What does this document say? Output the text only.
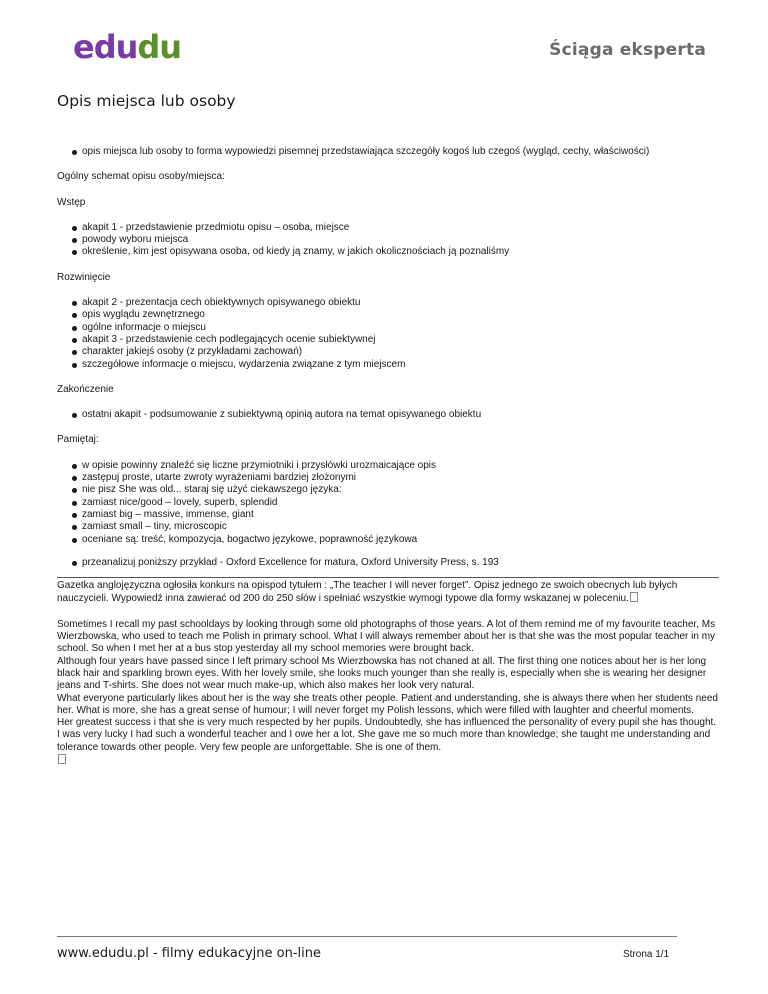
edudu	Ściąga eksperta
Opis miejsca lub osoby
opis miejsca lub osoby to forma wypowiedzi pisemnej przedstawiająca szczegóły kogoś lub czegoś (wygląd, cechy, właściwości)

Ogólny schemat opisu osoby/miejsca:

Wstęp

akapit 1 - przedstawienie przedmiotu opisu – osoba, miejsce
powody wyboru miejsca
określenie, kim jest opisywana osoba, od kiedy ją znamy, w jakich okolicznościach ją poznaliśmy

Rozwinięcie

akapit 2 - prezentacja cech obiektywnych opisywanego obiektu
opis wyglądu zewnętrznego
ogólne informacje o miejscu
akapit 3 - przedstawienie cech podlegających ocenie subiektywnej
charakter jakiejś osoby (z przykładami zachowań)
szczegółowe informacje o miejscu, wydarzenia związane z tym miejscem

Zakończenie

ostatni akapit - podsumowanie z subiektywną opinią autora na temat opisywanego obiektu

Pamiętaj:

w opisie powinny znaleźć się liczne przymiotniki i przysłówki urozmaicające opis
zastępuj proste, utarte zwroty wyrażeniami bardziej złożonymi
nie pisz She was old... staraj się użyć ciekawszego języka:
zamiast nice/good – lovely, superb, splendid
zamiast big – massive, immense, giant
zamiast small – tiny, microscopic
oceniane są: treść, kompozycja, bogactwo językowe, poprawność językowa
przeanalizuj poniższy przykład - Oxford Excellence for matura, Oxford University Press, s. 193

Gazetka anglojęzyczna ogłosiła konkurs na opispod tytułem : „The teacher I will never forget”. Opisz jednego ze swoich obecnych lub byłych nauczycieli. Wypowiedź inna zawierać od 200 do 250 słów i spełniać wszystkie wymogi typowe dla formy wskazanej w poleceniu.

Sometimes I recall my past schooldays by looking through some old photographs of those years. A lot of them remind me of my favourite teacher, Ms Wierzbowska, who used to teach me Polish in primary school. What I will always remember about her is that she was the most popular teacher in my school. So when I met her at a bus stop yesterday all my school memories were brought back.

Although four years have passed since I left primary school Ms Wierzbowska has not chaned at all. The first thing one notices about her is her long black hair and sparkling brown eyes. With her lovely smile, she looks much younger than she really is, especially when she is wearing her designer jeans and T-shirts. She does not wear much make-up, which also makes her look very natural.

What everyone particularly likes about her is the way she treats other people. Patient and understanding, she is always there when her students need her. What is more, she has a great sense of humour; I will never forget my Polish lessons, which were filled with laughter and cheerful moments.

Her greatest success i that she is very much respected by her pupils. Undoubtedly, she has influenced the personality of every pupil she has thought. I was very lucky I had such a wonderful teacher and I owe her a lot. She gave me so much more than knowledge; she taught me understanding and tolerance towards other people. Very few people are unforgettable. She is one of them.

www.edudu.pl - filmy edukacyjne on-line	Strona 1/1
